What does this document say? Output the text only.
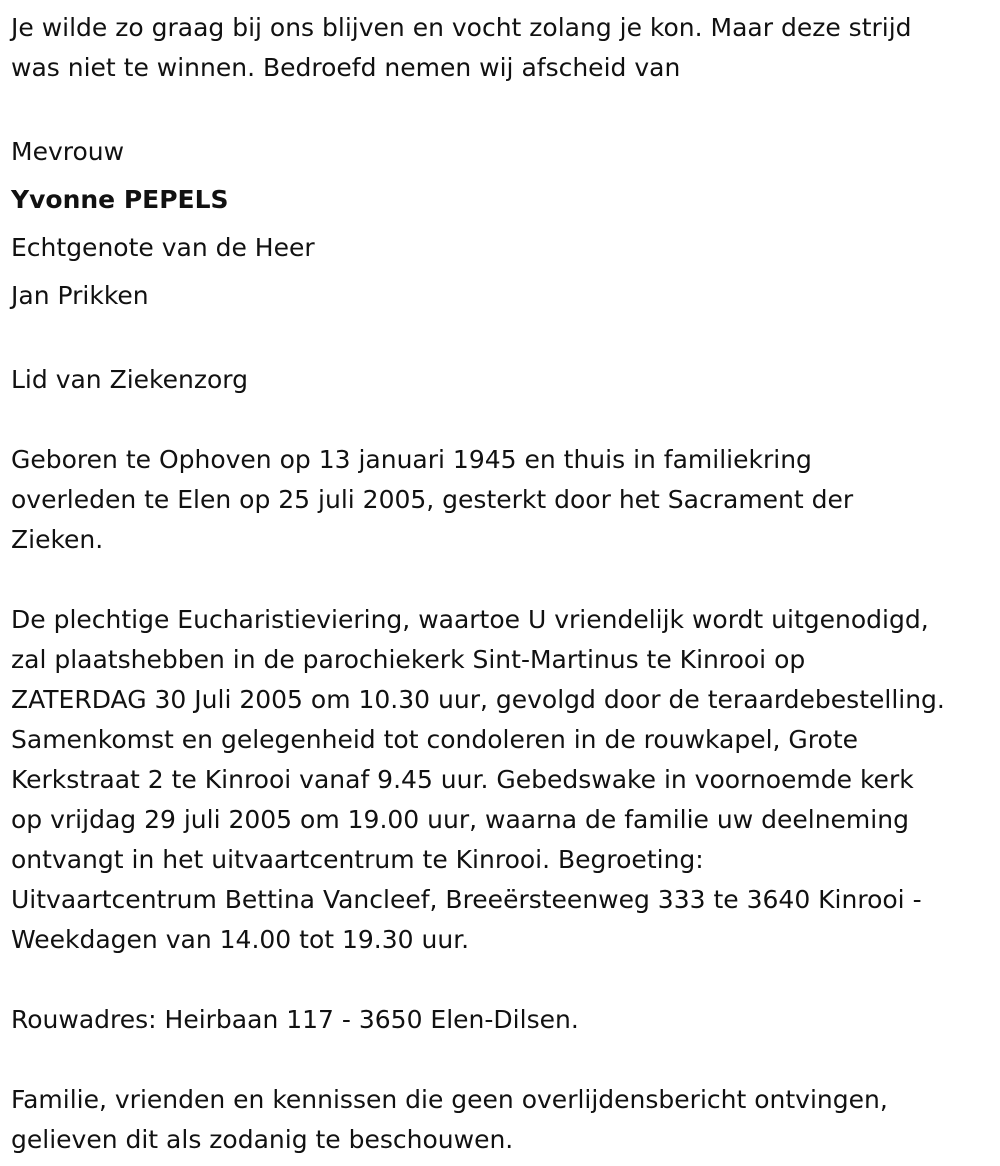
Je wilde zo graag bij ons blijven en vocht zolang je kon. Maar deze strijd

was niet te winnen. Bedroefd nemen wij afscheid van

Mevrouw

Yvonne PEPELS

Echtgenote van de Heer

Jan Prikken

Lid van Ziekenzorg

Geboren te Ophoven op 13 januari 1945 en thuis in familiekring

overleden te Elen op 25 juli 2005, gesterkt door het Sacrament der

Zieken.

De plechtige Eucharistieviering, waartoe U vriendelijk wordt uitgenodigd,

zal plaatshebben in de parochiekerk Sint-Martinus te Kinrooi op

ZATERDAG 30 Juli 2005 om 10.30 uur, gevolgd door de teraardebestelling.

Samenkomst en gelegenheid tot condoleren in de rouwkapel, Grote

Kerkstraat 2 te Kinrooi vanaf 9.45 uur. Gebedswake in voornoemde kerk

op vrijdag 29 juli 2005 om 19.00 uur, waarna de familie uw deelneming

ontvangt in het uitvaartcentrum te Kinrooi. Begroeting:

Uitvaartcentrum Bettina Vancleef, Breeërsteenweg 333 te 3640 Kinrooi -

Weekdagen van 14.00 tot 19.30 uur.

Rouwadres: Heirbaan 117 - 3650 Elen-Dilsen.

Familie, vrienden en kennissen die geen overlijdensbericht ontvingen,

gelieven dit als zodanig te beschouwen.
